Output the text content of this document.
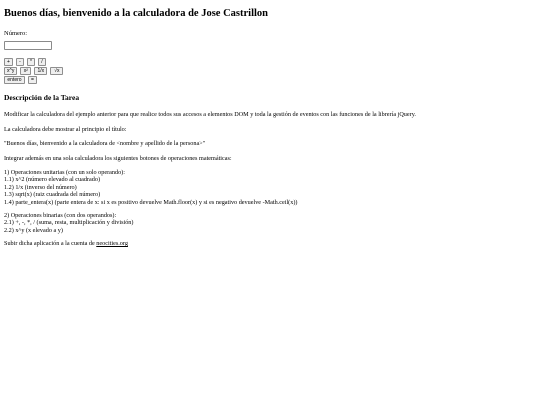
Buenos días, bienvenido a la calculadora de Jose Castrillon
Número:
+	-	*	/
x^y	x²	1/x	√x
entero	=
Descripción de la Tarea
Modificar la calculadora del ejemplo anterior para que realice todos sus accesos a elementos DOM y toda la gestión de eventos con las funciones de la librería jQuery.
La calculadora debe mostrar al principio el título:
"Buenos días, bienvenido a la calculadora de <nombre y apellido de la persona>"
Integrar además en una sola calculadora los siguientes botones de operaciones matemáticas:
1) Operaciones unitarias (con un solo operando):
1.1) x^2 (número elevado al cuadrado)
1.2) 1/x (inverso del número)
1.3) sqrt(x) (raiz cuadrada del número)
1.4) parte_entera(x) (parte entera de x: si x es positivo devuelve Math.floor(x) y si es negativo devuelve -Math.ceil(x))
2) Operaciones binarias (con dos operandos):
2.1) +, -, *, / (suma, resta, multiplicación y división)
2.2) x^y (x elevado a y)
Subir dicha aplicación a la cuenta de neocities.org
